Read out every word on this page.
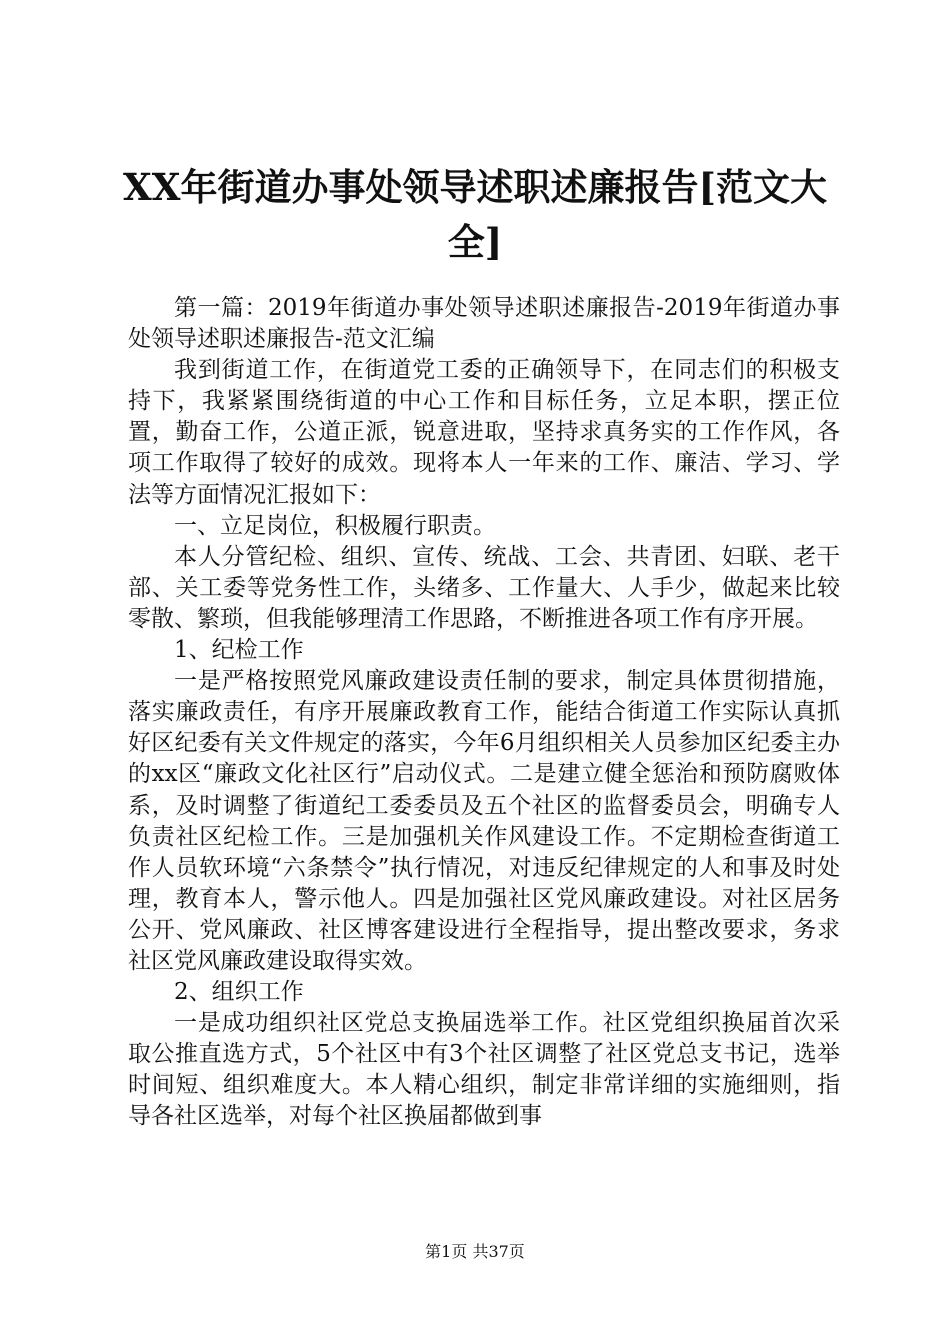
XX年街道办事处领导述职述廉报告[范文大全]

第一篇：2019年街道办事处领导述职述廉报告-2019年街道办事处领导述职述廉报告-范文汇编

我到街道工作，在街道党工委的正确领导下，在同志们的积极支持下，我紧紧围绕街道的中心工作和目标任务，立足本职，摆正位置，勤奋工作，公道正派，锐意进取，坚持求真务实的工作作风，各项工作取得了较好的成效。现将本人一年来的工作、廉洁、学习、学法等方面情况汇报如下：

一、立足岗位，积极履行职责。

本人分管纪检、组织、宣传、统战、工会、共青团、妇联、老干部、关工委等党务性工作，头绪多、工作量大、人手少，做起来比较零散、繁琐，但我能够理清工作思路，不断推进各项工作有序开展。

1、纪检工作

一是严格按照党风廉政建设责任制的要求，制定具体贯彻措施，落实廉政责任，有序开展廉政教育工作，能结合街道工作实际认真抓好区纪委有关文件规定的落实，今年6月组织相关人员参加区纪委主办的xx区“廉政文化社区行”启动仪式。二是建立健全惩治和预防腐败体系，及时调整了街道纪工委委员及五个社区的监督委员会，明确专人负责社区纪检工作。三是加强机关作风建设工作。不定期检查街道工作人员软环境“六条禁令”执行情况，对违反纪律规定的人和事及时处理，教育本人，警示他人。四是加强社区党风廉政建设。对社区居务公开、党风廉政、社区博客建设进行全程指导，提出整改要求，务求社区党风廉政建设取得实效。

2、组织工作

一是成功组织社区党总支换届选举工作。社区党组织换届首次采取公推直选方式，5个社区中有3个社区调整了社区党总支书记，选举时间短、组织难度大。本人精心组织，制定非常详细的实施细则，指导各社区选举，对每个社区换届都做到事

第1页 共37页
